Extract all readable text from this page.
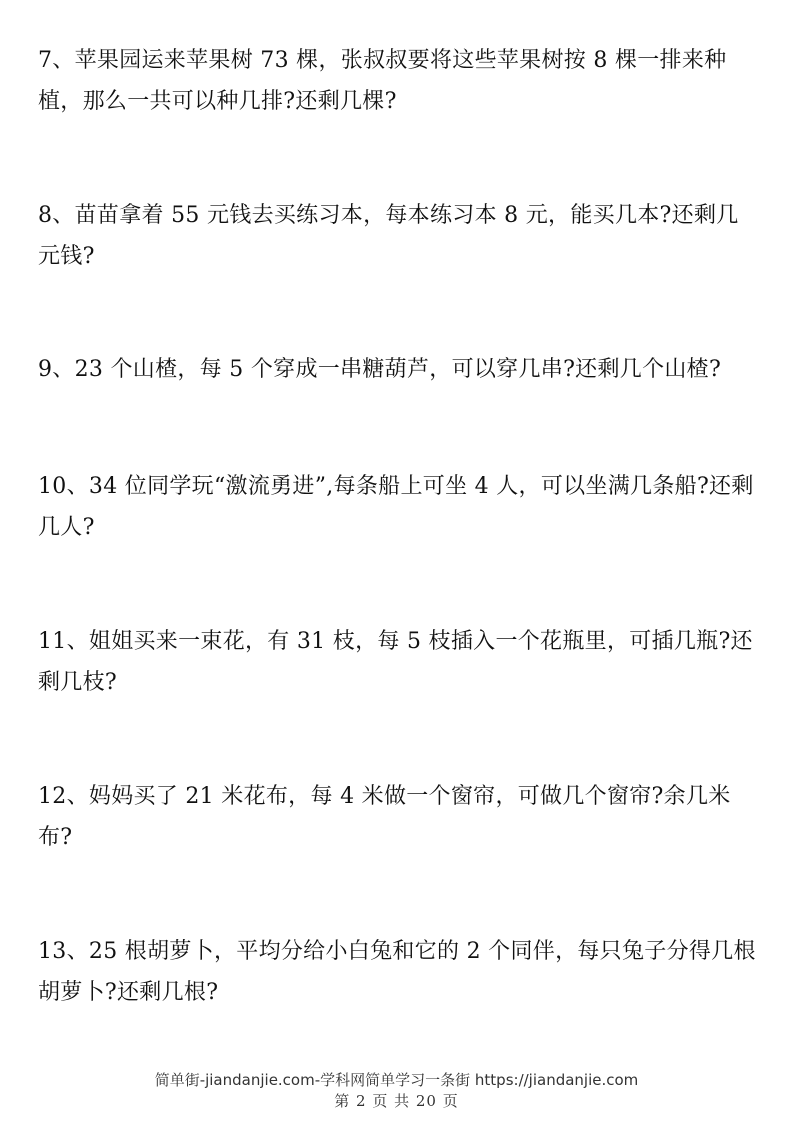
7、苹果园运来苹果树 73 棵，张叔叔要将这些苹果树按 8 棵一排来种植，那么一共可以种几排?还剩几棵?

8、苗苗拿着 55 元钱去买练习本，每本练习本 8 元，能买几本?还剩几元钱?

9、23 个山楂，每 5 个穿成一串糖葫芦，可以穿几串?还剩几个山楂?

10、34 位同学玩“激流勇进”,每条船上可坐 4 人，可以坐满几条船?还剩几人?

11、姐姐买来一束花，有 31 枝，每 5 枝插入一个花瓶里，可插几瓶?还剩几枝?

12、妈妈买了 21 米花布，每 4 米做一个窗帘，可做几个窗帘?余几米布?

13、25 根胡萝卜，平均分给小白兔和它的 2 个同伴，每只兔子分得几根胡萝卜?还剩几根?

简单街-jiandanjie.com-学科网简单学习一条街 https://jiandanjie.com
第 2 页 共 20 页
